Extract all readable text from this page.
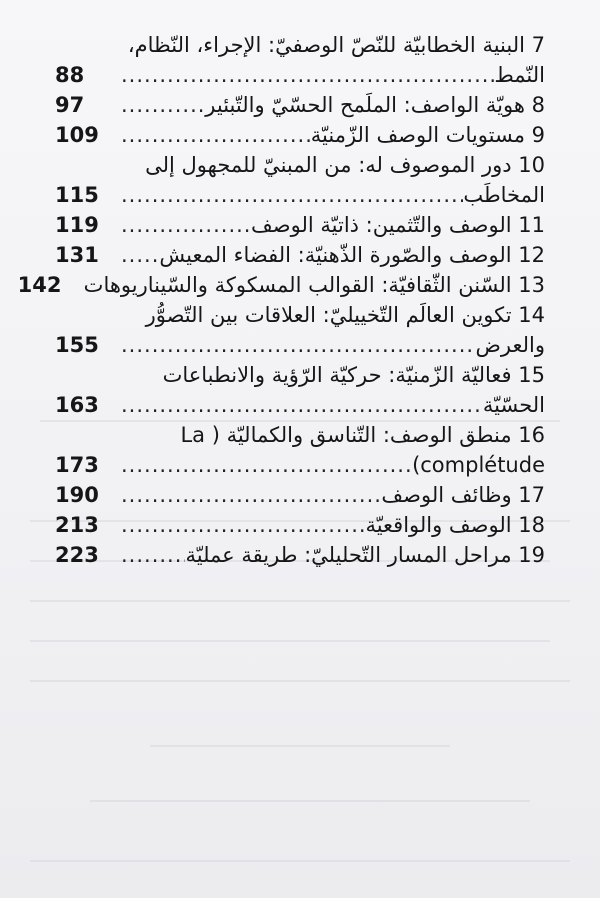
7 البنية الخطابيّة للنّصّ الوصفيّ: الإجراء، النّظام،
النّمط
.....
88
8 هويّة الواصف: الملَمح الحسّيّ والتّبئير
.....
97
9 مستويات الوصف الزّمنيّة
.....
109
10 دور الموصوف له: من المبنيّ للمجهول إلى
المخاطَب
.....
115
11 الوصف والتّثمين: ذاتيّة الوصف
.....
119
12 الوصف والصّورة الذّهنيّة: الفضاء المعيش
.....
131
13 السّنن الثّقافيّة: القوالب المسكوكة والسّيناريوهات
142
14 تكوين العالَم التّخييليّ: العلاقات بين التّصوُّر
والعرض
.....
155
15 فعاليّة الزّمنيّة: حركيّة الرّؤية والانطباعات
الحسّيّة
.....
163
16 منطق الوصف: التّناسق والكماليّة ( La
complétude)
.....
173
17 وظائف الوصف
.....
190
18 الوصف والواقعيّة
.....
213
19 مراحل المسار التّحليليّ: طريقة عمليّة
.....
223
